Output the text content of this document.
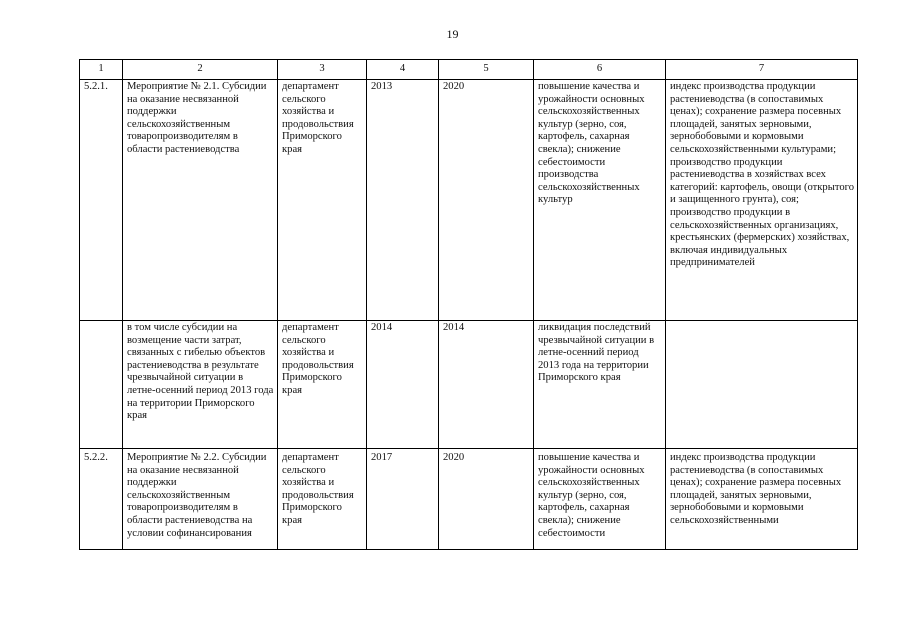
19
1	2	3	4	5	6	7
5.2.1.	Мероприятие № 2.1. Субсидии на оказание несвязанной поддержки сельскохозяйственным товаропроизводителям в области растениеводства	департамент сельского хозяйства и продовольствия Приморского края	2013	2020	повышение качества и урожайности основных сельскохозяйственных культур (зерно, соя, картофель, сахарная свекла); снижение себестоимости производства сельскохозяйственных культур	индекс производства продукции растениеводства (в сопоставимых ценах); сохранение размера посевных площадей, занятых зерновыми, зернобобовыми и кормовыми сельскохозяйственными культурами; производство продукции растениеводства в хозяйствах всех категорий: картофель, овощи (открытого и защищенного грунта), соя; производство продукции в сельскохозяйственных организациях, крестьянских (фермерских) хозяйствах, включая индивидуальных предпринимателей
	в том числе субсидии на возмещение части затрат, связанных с гибелью объектов растениеводства в результате чрезвычайной ситуации в летне-осенний период 2013 года на территории Приморского края	департамент сельского хозяйства и продовольствия Приморского края	2014	2014	ликвидация последствий чрезвычайной ситуации в летне-осенний период 2013 года на территории Приморского края	

5.2.2.	Мероприятие № 2.2. Субсидии на оказание несвязанной поддержки сельскохозяйственным товаропроизводителям в области растениеводства на условии софинансирования	департамент сельского хозяйства и продовольствия Приморского края	2017	2020	повышение качества и урожайности основных сельскохозяйственных культур (зерно, соя, картофель, сахарная свекла); снижение себестоимости	индекс производства продукции растениеводства (в сопоставимых ценах); сохранение размера посевных площадей, занятых зерновыми, зернобобовыми и кормовыми сельскохозяйственными
